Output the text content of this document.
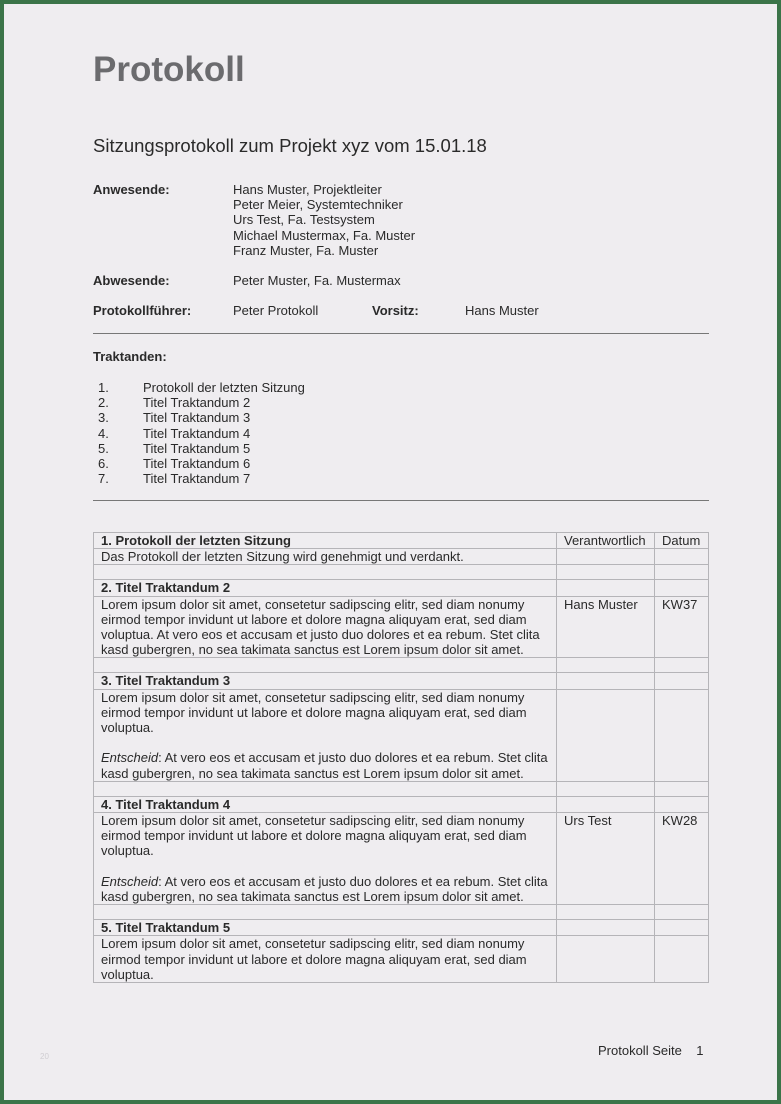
Protokoll
Sitzungsprotokoll zum Projekt xyz vom 15.01.18
Anwesende:	Hans Muster, Projektleiter
Peter Meier, Systemtechniker
Urs Test, Fa. Testsystem
Michael Mustermax, Fa. Muster
Franz Muster, Fa. Muster
Abwesende:	Peter Muster, Fa. Mustermax
Protokollführer:	Peter Protokoll	Vorsitz:	Hans Muster
Traktanden:
1.	Protokoll der letzten Sitzung
2.	Titel Traktandum 2
3.	Titel Traktandum 3
4.	Titel Traktandum 4
5.	Titel Traktandum 5
6.	Titel Traktandum 6
7.	Titel Traktandum 7
1. Protokoll der letzten Sitzung	Verantwortlich	Datum

Das Protokoll der letzten Sitzung wird genehmigt und verdankt.		

2. Titel Traktandum 2		

Lorem ipsum dolor sit amet, consetetur sadipscing elitr, sed diam nonumy eirmod tempor invidunt ut labore et dolore magna aliquyam erat, sed diam voluptua. At vero eos et accusam et justo duo dolores et ea rebum. Stet clita kasd gubergren, no sea takimata sanctus est Lorem ipsum dolor sit amet.	Hans Muster	KW37

3. Titel Traktandum 3		

Lorem ipsum dolor sit amet, consetetur sadipscing elitr, sed diam nonumy eirmod tempor invidunt ut labore et dolore magna aliquyam erat, sed diam voluptua.
Entscheid: At vero eos et accusam et justo duo dolores et ea rebum. Stet clita kasd gubergren, no sea takimata sanctus est Lorem ipsum dolor sit amet.		

4. Titel Traktandum 4		

Lorem ipsum dolor sit amet, consetetur sadipscing elitr, sed diam nonumy eirmod tempor invidunt ut labore et dolore magna aliquyam erat, sed diam voluptua.
Entscheid: At vero eos et accusam et justo duo dolores et ea rebum. Stet clita kasd gubergren, no sea takimata sanctus est Lorem ipsum dolor sit amet.	Urs Test	KW28

5. Titel Traktandum 5		

Lorem ipsum dolor sit amet, consetetur sadipscing elitr, sed diam nonumy eirmod tempor invidunt ut labore et dolore magna aliquyam erat, sed diam voluptua.		

Protokoll Seite 1
20
